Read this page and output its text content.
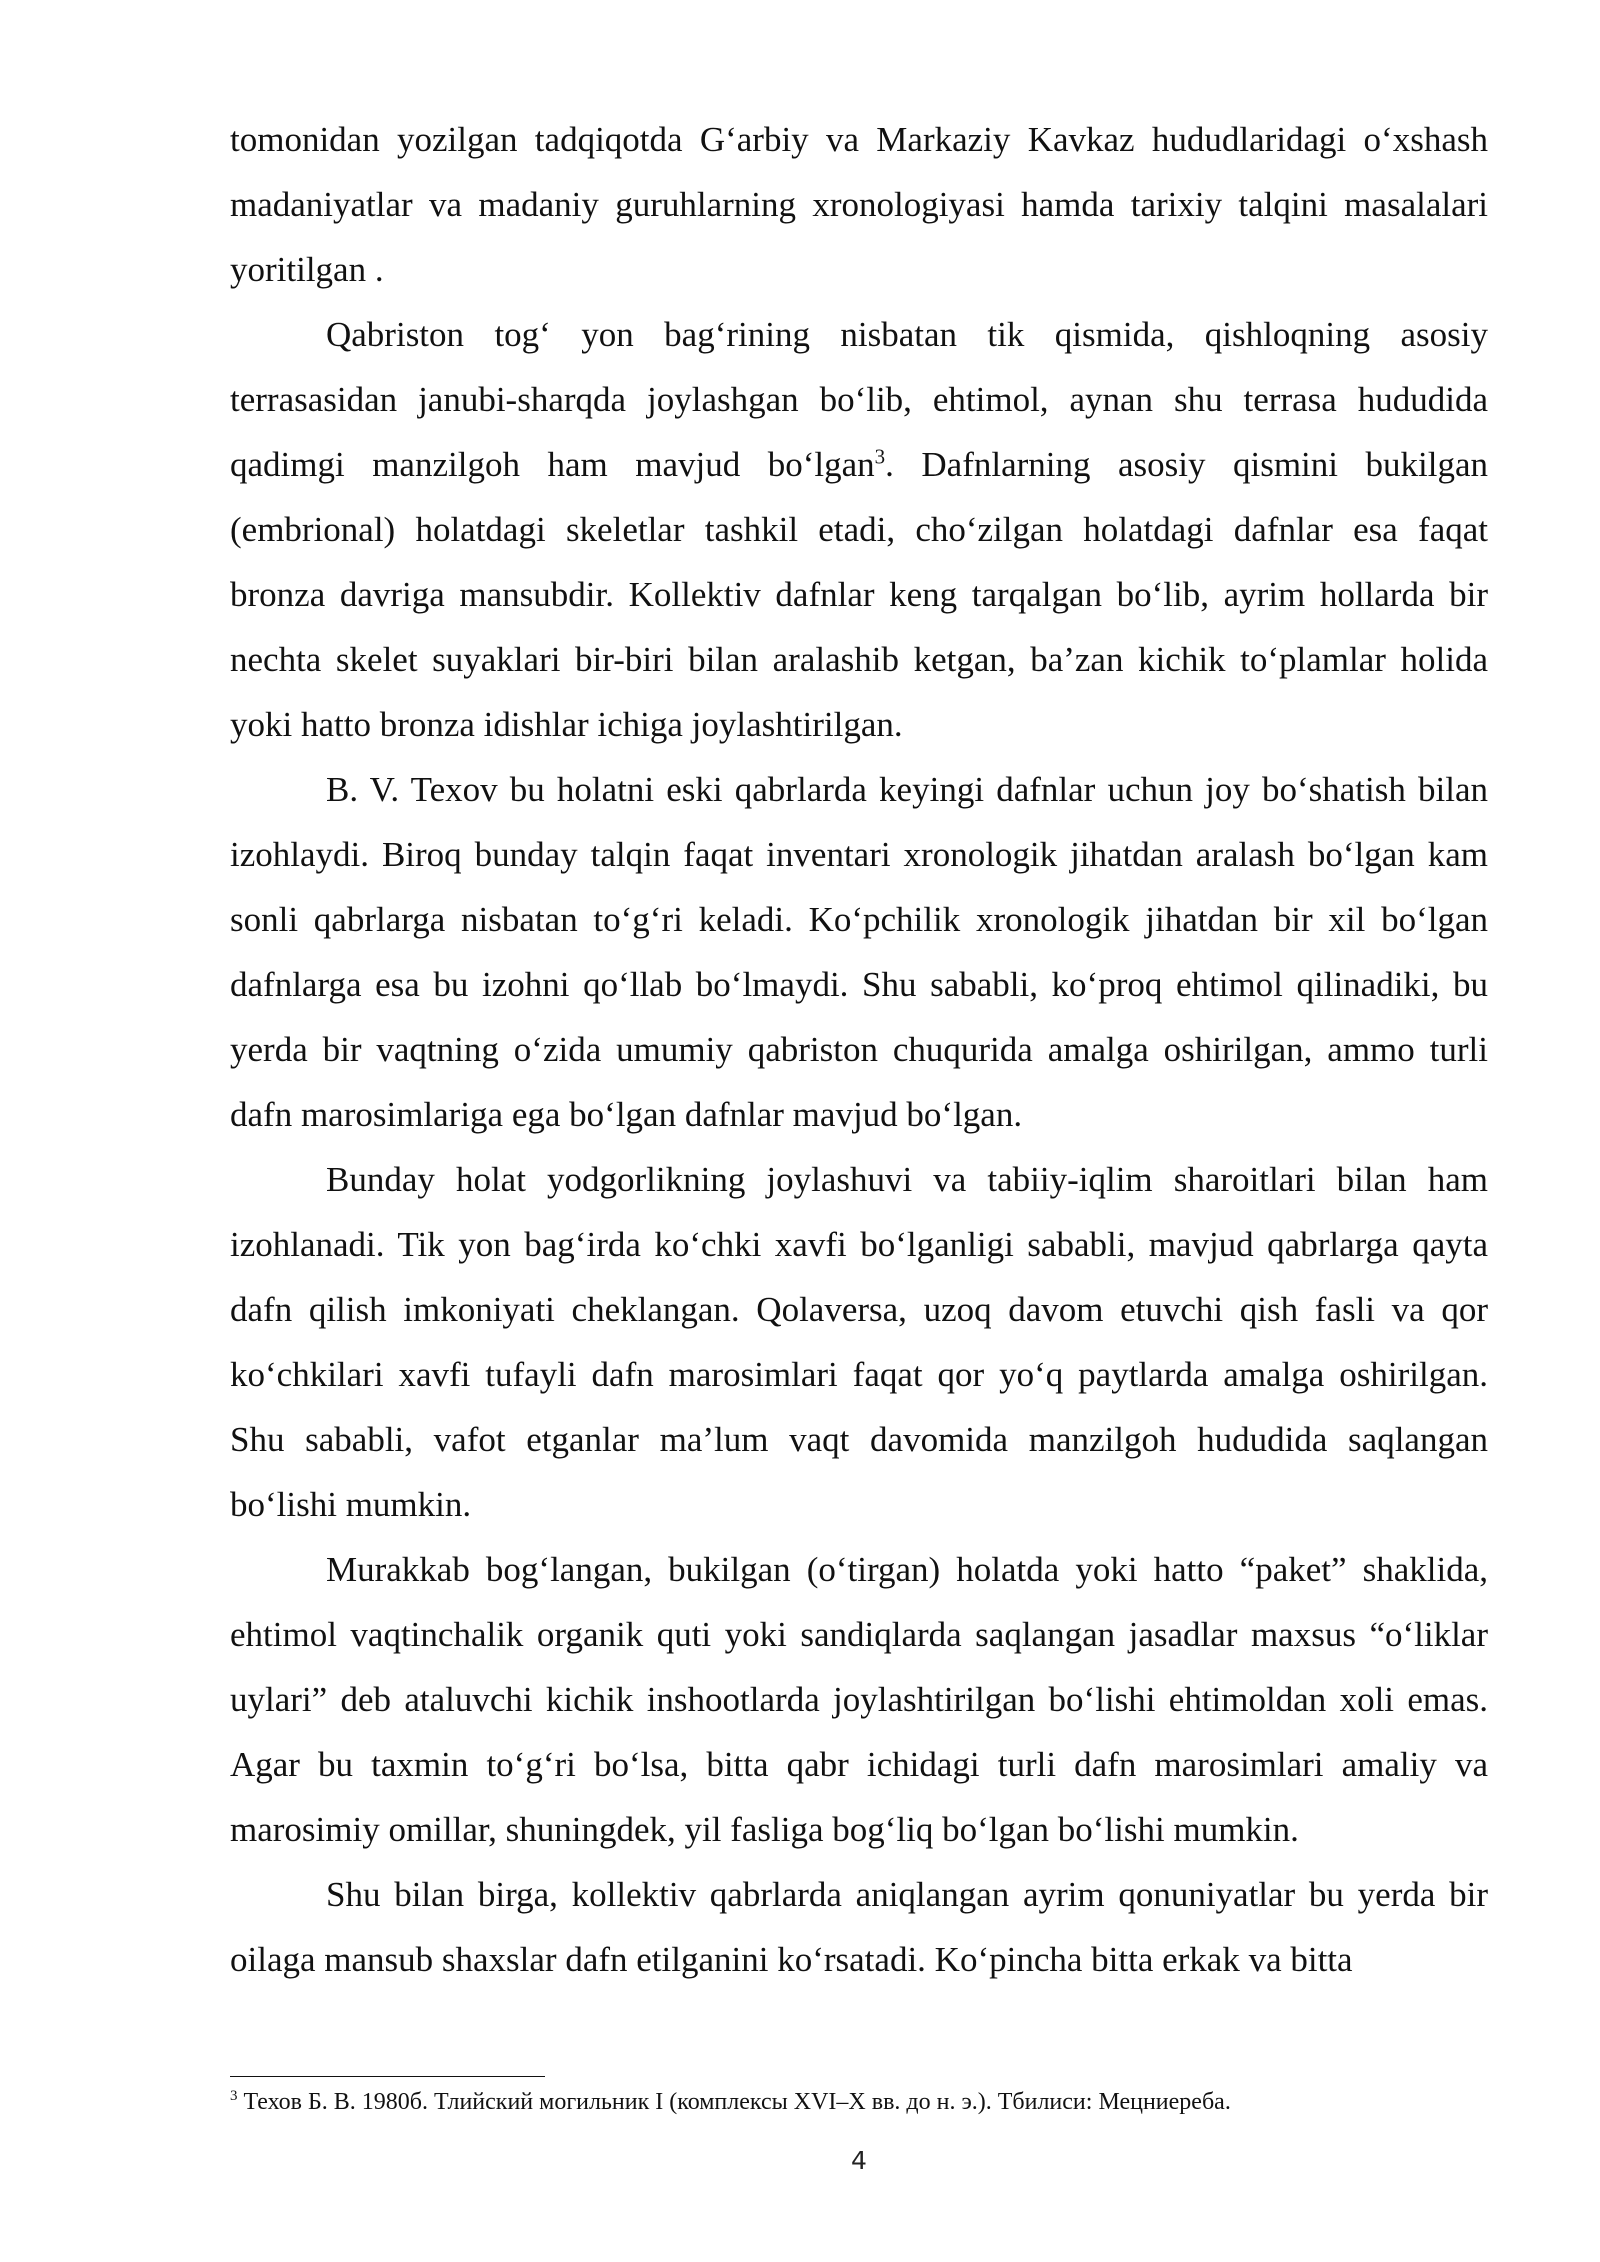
tomonidan yozilgan tadqiqotda G‘arbiy va Markaziy Kavkaz hududlaridagi o‘xshash madaniyatlar va madaniy guruhlarning xronologiyasi hamda tarixiy talqini masalalari yoritilgan .

Qabriston tog‘ yon bag‘rining nisbatan tik qismida, qishloqning asosiy terrasasidan janubi-sharqda joylashgan bo‘lib, ehtimol, aynan shu terrasa hududida qadimgi manzilgoh ham mavjud bo‘lgan$^3$. Dafnlarning asosiy qismini bukilgan (embrional) holatdagi skeletlar tashkil etadi, cho‘zilgan holatdagi dafnlar esa faqat bronza davriga mansubdir. Kollektiv dafnlar keng tarqalgan bo‘lib, ayrim hollarda bir nechta skelet suyaklari bir-biri bilan aralashib ketgan, ba’zan kichik to‘plamlar holida yoki hatto bronza idishlar ichiga joylashtirilgan.

B. V. Texov bu holatni eski qabrlarda keyingi dafnlar uchun joy bo‘shatish bilan izohlaydi. Biroq bunday talqin faqat inventari xronologik jihatdan aralash bo‘lgan kam sonli qabrlarga nisbatan to‘g‘ri keladi. Ko‘pchilik xronologik jihatdan bir xil bo‘lgan dafnlarga esa bu izohni qo‘llab bo‘lmaydi. Shu sababli, ko‘proq ehtimol qilinadiki, bu yerda bir vaqtning o‘zida umumiy qabriston chuqurida amalga oshirilgan, ammo turli dafn marosimlariga ega bo‘lgan dafnlar mavjud bo‘lgan.

Bunday holat yodgorlikning joylashuvi va tabiiy-iqlim sharoitlari bilan ham izohlanadi. Tik yon bag‘irda ko‘chki xavfi bo‘lganligi sababli, mavjud qabrlarga qayta dafn qilish imkoniyati cheklangan. Qolaversa, uzoq davom etuvchi qish fasli va qor ko‘chkilari xavfi tufayli dafn marosimlari faqat qor yo‘q paytlarda amalga oshirilgan. Shu sababli, vafot etganlar ma’lum vaqt davomida manzilgoh hududida saqlangan bo‘lishi mumkin.

Murakkab bog‘langan, bukilgan (o‘tirgan) holatda yoki hatto “paket” shaklida, ehtimol vaqtinchalik organik quti yoki sandiqlarda saqlangan jasadlar maxsus “o‘liklar uylari” deb ataluvchi kichik inshootlarda joylashtirilgan bo‘lishi ehtimoldan xoli emas. Agar bu taxmin to‘g‘ri bo‘lsa, bitta qabr ichidagi turli dafn marosimlari amaliy va marosimiy omillar, shuningdek, yil fasliga bog‘liq bo‘lgan bo‘lishi mumkin.

Shu bilan birga, kollektiv qabrlarda aniqlangan ayrim qonuniyatlar bu yerda bir oilaga mansub shaxslar dafn etilganini ko‘rsatadi. Ko‘pincha bitta erkak va bitta

$^3$ Техов Б. В. 1980б. Тлийский могильник I (комплексы XVI–X вв. до н. э.). Тбилиси: Мецниереба.
4
